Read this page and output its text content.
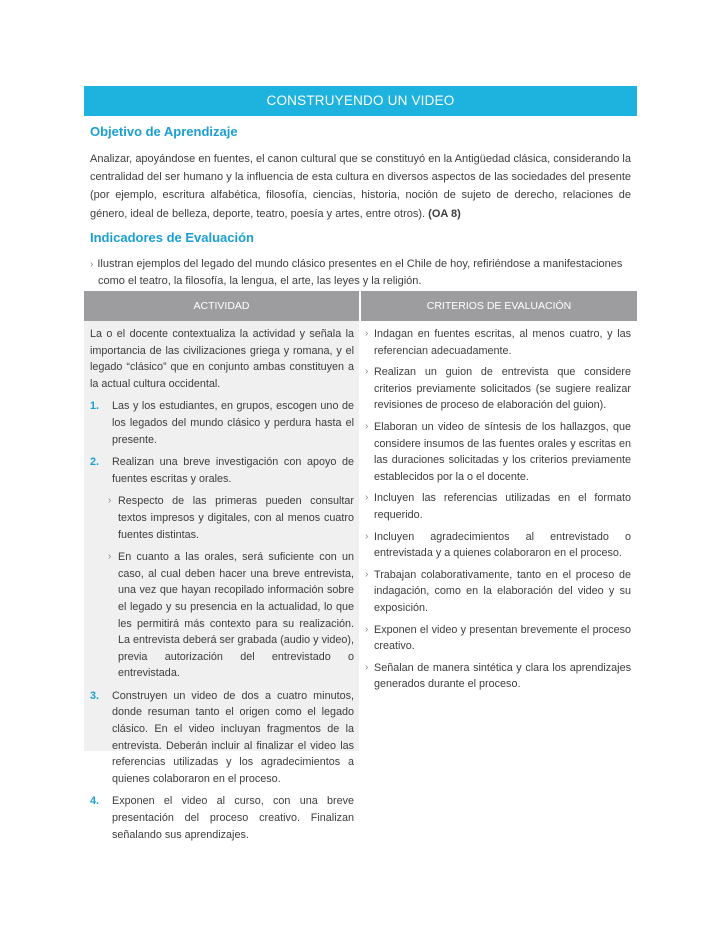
CONSTRUYENDO UN VIDEO
Objetivo de Aprendizaje
Analizar, apoyándose en fuentes, el canon cultural que se constituyó en la Antigüedad clásica, considerando la centralidad del ser humano y la influencia de esta cultura en diversos aspectos de las sociedades del presente (por ejemplo, escritura alfabética, filosofía, ciencias, historia, noción de sujeto de derecho, relaciones de género, ideal de belleza, deporte, teatro, poesía y artes, entre otros). (OA 8)
Indicadores de Evaluación
› Ilustran ejemplos del legado del mundo clásico presentes en el Chile de hoy, refiriéndose a manifestaciones como el teatro, la filosofía, la lengua, el arte, las leyes y la religión.
ACTIVIDAD	CRITERIOS DE EVALUACIÓN

La o el docente contextualiza la actividad y señala la importancia de las civilizaciones griega y romana, y el legado “clásico” que en conjunto ambas constituyen a la actual cultura occidental.

1. Las y los estudiantes, en grupos, escogen uno de los legados del mundo clásico y perdura hasta el presente.
2. Realizan una breve investigación con apoyo de fuentes escritas y orales.
› Respecto de las primeras pueden consultar textos impresos y digitales, con al menos cuatro fuentes distintas.
› En cuanto a las orales, será suficiente con un caso, al cual deben hacer una breve entrevista, una vez que hayan recopilado información sobre el legado y su presencia en la actualidad, lo que les permitirá más contexto para su realización. La entrevista deberá ser grabada (audio y video), previa autorización del entrevistado o entrevistada.
3. Construyen un video de dos a cuatro minutos, donde resuman tanto el origen como el legado clásico. En el video incluyan fragmentos de la entrevista. Deberán incluir al finalizar el video las referencias utilizadas y los agradecimientos a quienes colaboraron en el proceso.
4. Exponen el video al curso, con una breve presentación del proceso creativo. Finalizan señalando sus aprendizajes.
› Indagan en fuentes escritas, al menos cuatro, y las referencian adecuadamente.
› Realizan un guion de entrevista que considere criterios previamente solicitados (se sugiere realizar revisiones de proceso de elaboración del guion).
› Elaboran un video de síntesis de los hallazgos, que considere insumos de las fuentes orales y escritas en las duraciones solicitadas y los criterios previamente establecidos por la o el docente.
› Incluyen las referencias utilizadas en el formato requerido.
› Incluyen agradecimientos al entrevistado o entrevistada y a quienes colaboraron en el proceso.
› Trabajan colaborativamente, tanto en el proceso de indagación, como en la elaboración del video y su exposición.
› Exponen el video y presentan brevemente el proceso creativo.
› Señalan de manera sintética y clara los aprendizajes generados durante el proceso.
